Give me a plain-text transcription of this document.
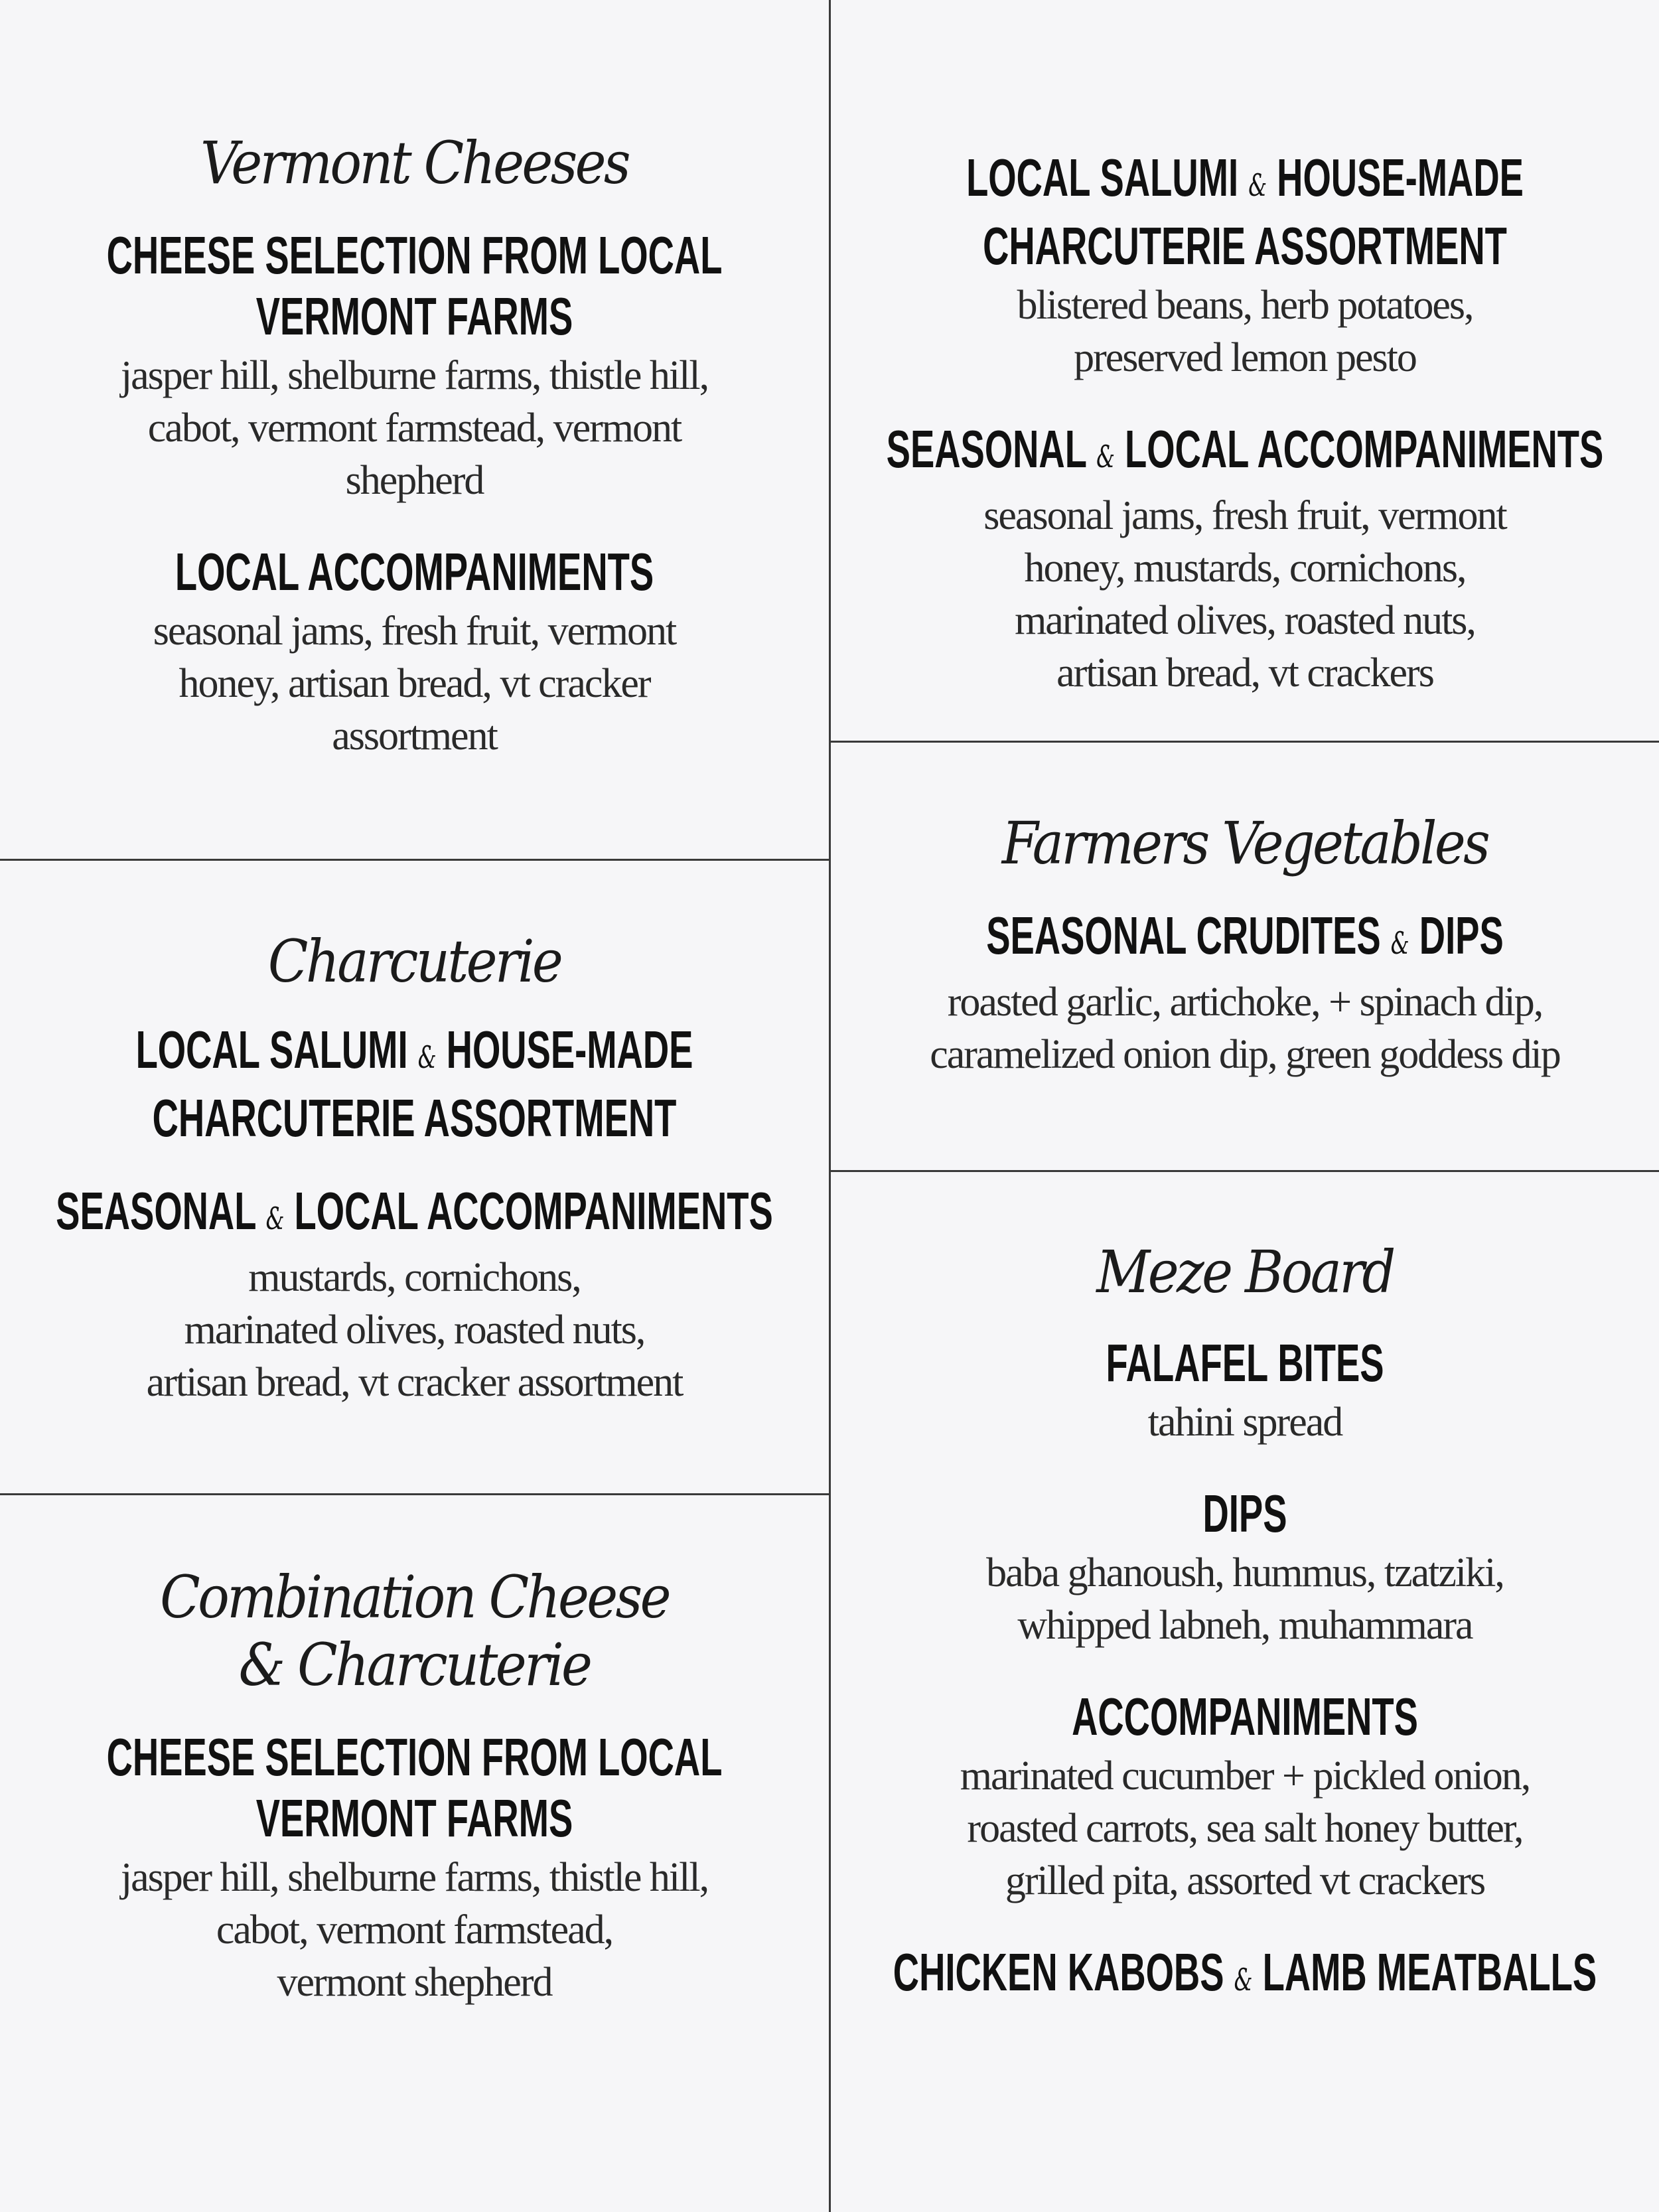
Vermont Cheeses
CHEESE SELECTION FROM LOCAL
VERMONT FARMS
jasper hill, shelburne farms, thistle hill,
cabot, vermont farmstead, vermont
shepherd
LOCAL ACCOMPANIMENTS
seasonal jams, fresh fruit, vermont
honey, artisan bread, vt cracker
assortment
Charcuterie
LOCAL SALUMI & HOUSE-MADE
CHARCUTERIE ASSORTMENT
SEASONAL & LOCAL ACCOMPANIMENTS
mustards, cornichons,
marinated olives, roasted nuts,
artisan bread, vt cracker assortment
Combination Cheese
& Charcuterie
CHEESE SELECTION FROM LOCAL
VERMONT FARMS
jasper hill, shelburne farms, thistle hill,
cabot, vermont farmstead,
vermont shepherd
LOCAL SALUMI & HOUSE-MADE
CHARCUTERIE ASSORTMENT
blistered beans, herb potatoes,
preserved lemon pesto
SEASONAL & LOCAL ACCOMPANIMENTS
seasonal jams, fresh fruit, vermont
honey, mustards, cornichons,
marinated olives, roasted nuts,
artisan bread, vt crackers
Farmers Vegetables
SEASONAL CRUDITES & DIPS
roasted garlic, artichoke, + spinach dip,
caramelized onion dip, green goddess dip
Meze Board
FALAFEL BITES
tahini spread
DIPS
baba ghanoush, hummus, tzatziki,
whipped labneh, muhammara
ACCOMPANIMENTS
marinated cucumber + pickled onion,
roasted carrots, sea salt honey butter,
grilled pita, assorted vt crackers
CHICKEN KABOBS & LAMB MEATBALLS
